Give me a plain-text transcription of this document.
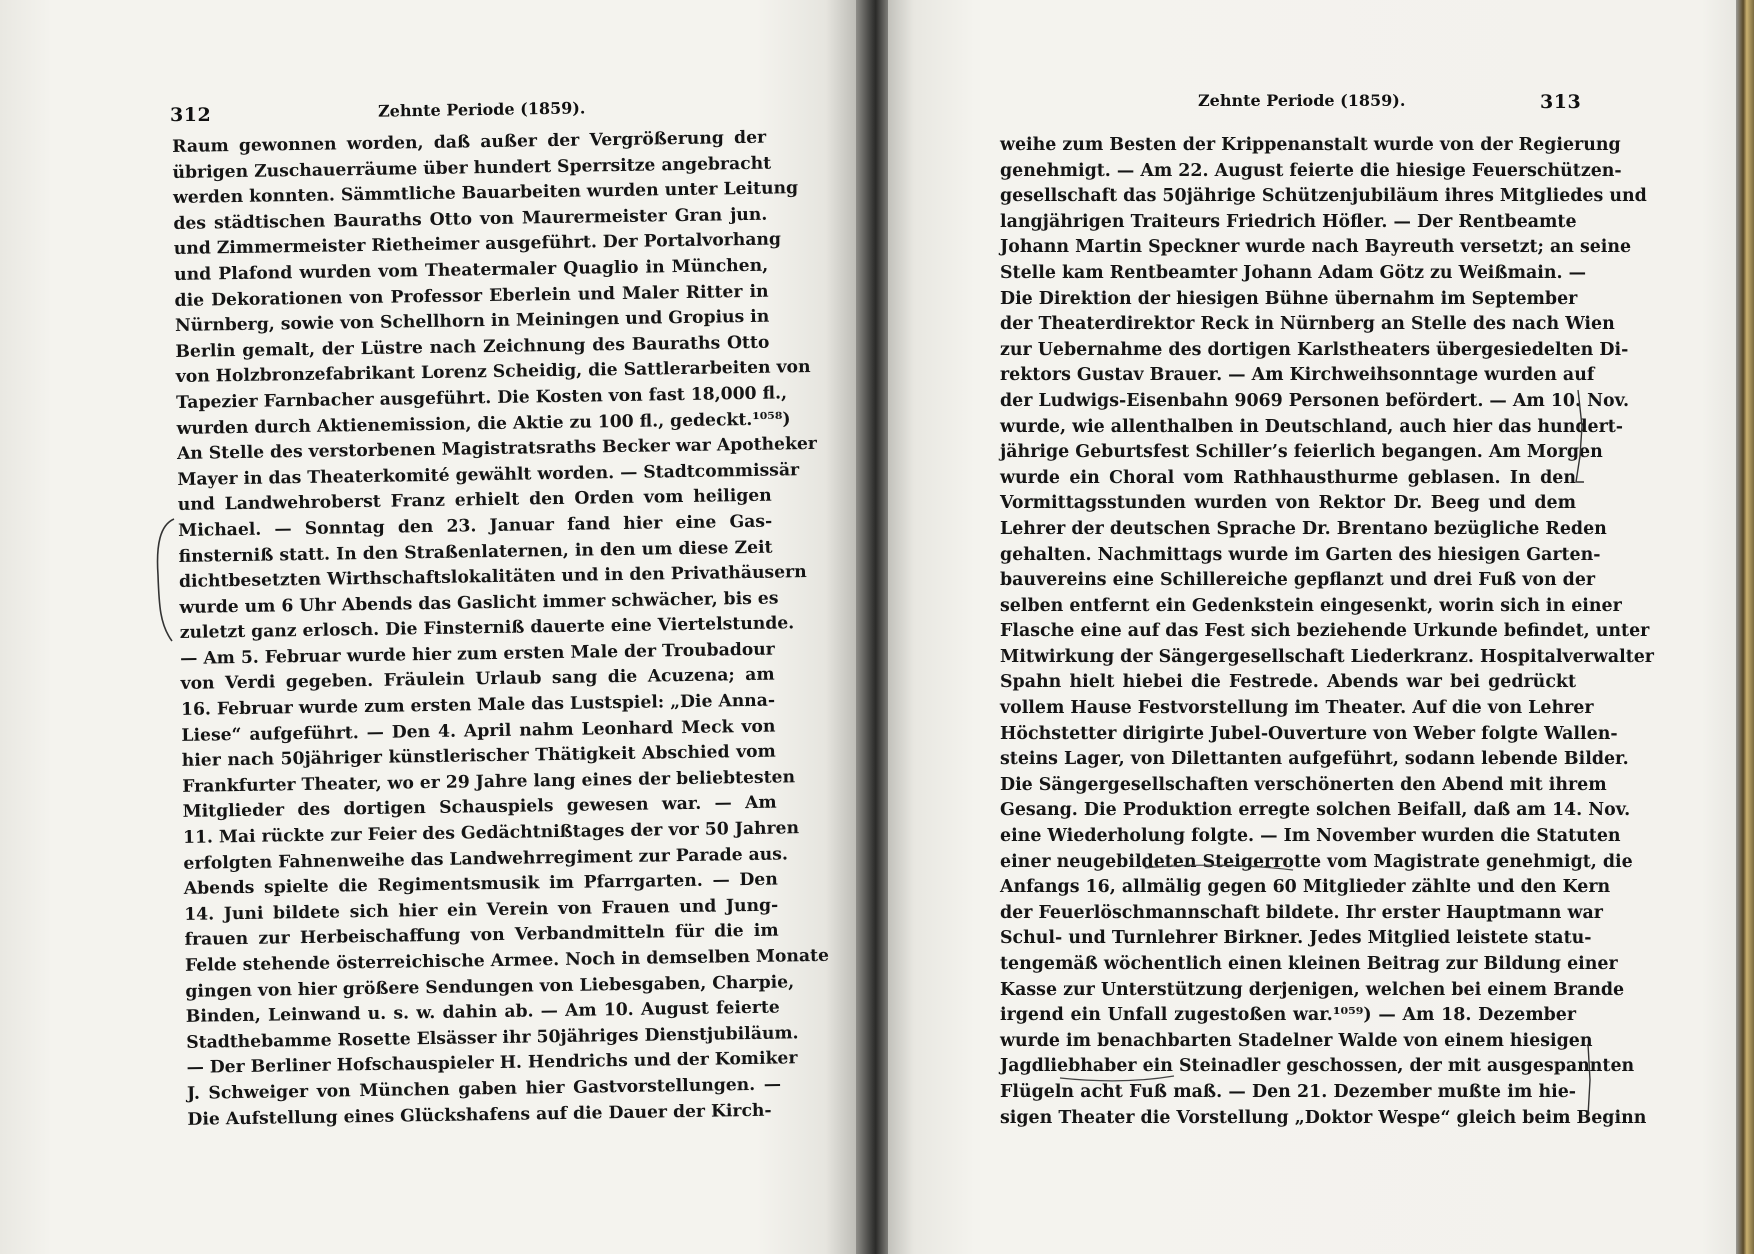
312	Zehnte Periode (1859).
Raum gewonnen worden, daß außer der Vergrößerung der
übrigen Zuschauerräume über hundert Sperrsitze angebracht
werden konnten. Sämmtliche Bauarbeiten wurden unter Leitung
des städtischen Bauraths Otto von Maurermeister Gran jun.
und Zimmermeister Rietheimer ausgeführt. Der Portalvorhang
und Plafond wurden vom Theatermaler Quaglio in München,
die Dekorationen von Professor Eberlein und Maler Ritter in
Nürnberg, sowie von Schellhorn in Meiningen und Gropius in
Berlin gemalt, der Lüstre nach Zeichnung des Bauraths Otto
von Holzbronzefabrikant Lorenz Scheidig, die Sattlerarbeiten von
Tapezier Farnbacher ausgeführt. Die Kosten von fast 18,000 fl.,
wurden durch Aktienemission, die Aktie zu 100 fl., gedeckt.¹⁰⁵⁸)
An Stelle des verstorbenen Magistratsraths Becker war Apotheker
Mayer in das Theaterkomité gewählt worden. — Stadtcommissär
und Landwehroberst Franz erhielt den Orden vom heiligen
Michael. — Sonntag den 23. Januar fand hier eine Gas-
finsterniß statt. In den Straßenlaternen, in den um diese Zeit
dichtbesetzten Wirthschaftslokalitäten und in den Privathäusern
wurde um 6 Uhr Abends das Gaslicht immer schwächer, bis es
zuletzt ganz erlosch. Die Finsterniß dauerte eine Viertelstunde.
— Am 5. Februar wurde hier zum ersten Male der Troubadour
von Verdi gegeben. Fräulein Urlaub sang die Acuzena; am
16. Februar wurde zum ersten Male das Lustspiel: „Die Anna-
Liese“ aufgeführt. — Den 4. April nahm Leonhard Meck von
hier nach 50jähriger künstlerischer Thätigkeit Abschied vom
Frankfurter Theater, wo er 29 Jahre lang eines der beliebtesten
Mitglieder des dortigen Schauspiels gewesen war. — Am
11. Mai rückte zur Feier des Gedächtnißtages der vor 50 Jahren
erfolgten Fahnenweihe das Landwehrregiment zur Parade aus.
Abends spielte die Regimentsmusik im Pfarrgarten. — Den
14. Juni bildete sich hier ein Verein von Frauen und Jung-
frauen zur Herbeischaffung von Verbandmitteln für die im
Felde stehende österreichische Armee. Noch in demselben Monate
gingen von hier größere Sendungen von Liebesgaben, Charpie,
Binden, Leinwand u. s. w. dahin ab. — Am 10. August feierte
Stadthebamme Rosette Elsässer ihr 50jähriges Dienstjubiläum.
— Der Berliner Hofschauspieler H. Hendrichs und der Komiker
J. Schweiger von München gaben hier Gastvorstellungen. —
Die Aufstellung eines Glückshafens auf die Dauer der Kirch-
Zehnte Periode (1859).	313
weihe zum Besten der Krippenanstalt wurde von der Regierung
genehmigt. — Am 22. August feierte die hiesige Feuerschützen-
gesellschaft das 50jährige Schützenjubiläum ihres Mitgliedes und
langjährigen Traiteurs Friedrich Höfler. — Der Rentbeamte
Johann Martin Speckner wurde nach Bayreuth versetzt; an seine
Stelle kam Rentbeamter Johann Adam Götz zu Weißmain. —
Die Direktion der hiesigen Bühne übernahm im September
der Theaterdirektor Reck in Nürnberg an Stelle des nach Wien
zur Uebernahme des dortigen Karlstheaters übergesiedelten Di-
rektors Gustav Brauer. — Am Kirchweihsonntage wurden auf
der Ludwigs-Eisenbahn 9069 Personen befördert. — Am 10. Nov.
wurde, wie allenthalben in Deutschland, auch hier das hundert-
jährige Geburtsfest Schiller’s feierlich begangen. Am Morgen
wurde ein Choral vom Rathhausthurme geblasen. In den
Vormittagsstunden wurden von Rektor Dr. Beeg und dem
Lehrer der deutschen Sprache Dr. Brentano bezügliche Reden
gehalten. Nachmittags wurde im Garten des hiesigen Garten-
bauvereins eine Schillereiche gepflanzt und drei Fuß von der
selben entfernt ein Gedenkstein eingesenkt, worin sich in einer
Flasche eine auf das Fest sich beziehende Urkunde befindet, unter
Mitwirkung der Sängergesellschaft Liederkranz. Hospitalverwalter
Spahn hielt hiebei die Festrede. Abends war bei gedrückt
vollem Hause Festvorstellung im Theater. Auf die von Lehrer
Höchstetter dirigirte Jubel-Ouverture von Weber folgte Wallen-
steins Lager, von Dilettanten aufgeführt, sodann lebende Bilder.
Die Sängergesellschaften verschönerten den Abend mit ihrem
Gesang. Die Produktion erregte solchen Beifall, daß am 14. Nov.
eine Wiederholung folgte. — Im November wurden die Statuten
einer neugebildeten Steigerrotte vom Magistrate genehmigt, die
Anfangs 16, allmälig gegen 60 Mitglieder zählte und den Kern
der Feuerlöschmannschaft bildete. Ihr erster Hauptmann war
Schul- und Turnlehrer Birkner. Jedes Mitglied leistete statu-
tengemäß wöchentlich einen kleinen Beitrag zur Bildung einer
Kasse zur Unterstützung derjenigen, welchen bei einem Brande
irgend ein Unfall zugestoßen war.¹⁰⁵⁹) — Am 18. Dezember
wurde im benachbarten Stadelner Walde von einem hiesigen
Jagdliebhaber ein Steinadler geschossen, der mit ausgespannten
Flügeln acht Fuß maß. — Den 21. Dezember mußte im hie-
sigen Theater die Vorstellung „Doktor Wespe“ gleich beim Beginn
